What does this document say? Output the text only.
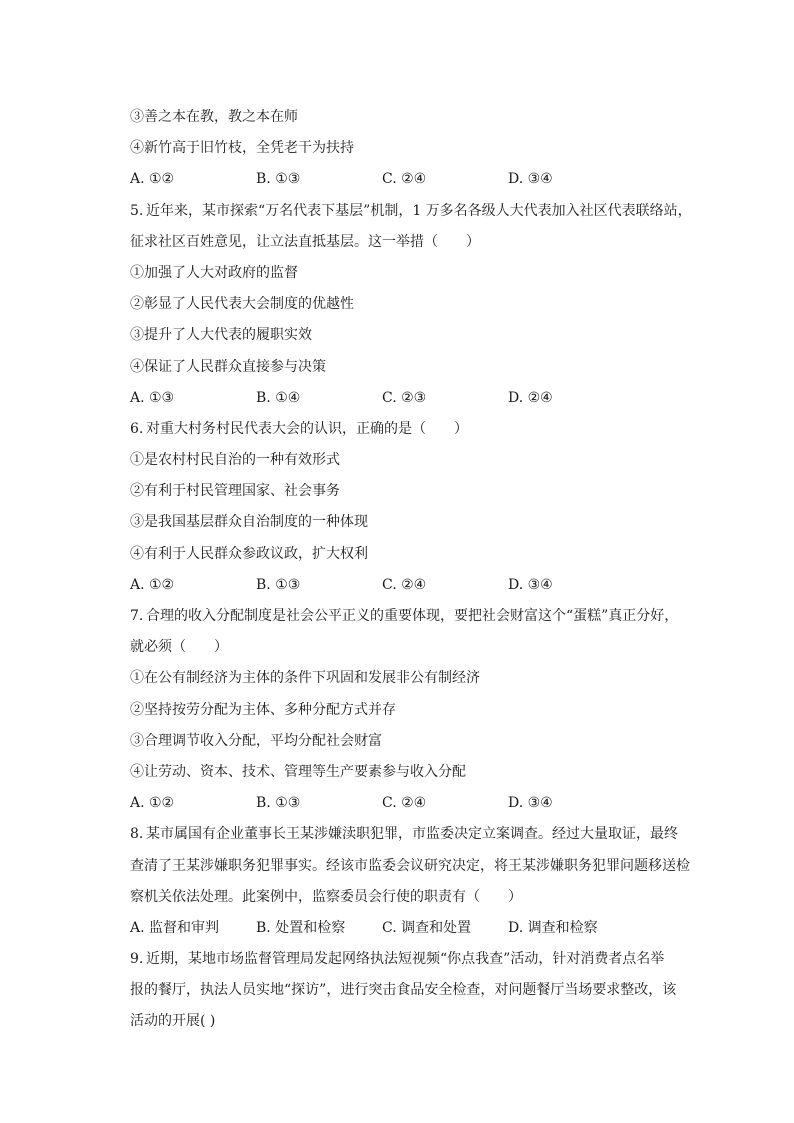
③善之本在教，教之本在师
④新竹高于旧竹枝，全凭老干为扶持
A. ①②	B. ①③	C. ②④	D. ③④
5. 近年来，某市探索“万名代表下基层”机制，1 万多名各级人大代表加入社区代表联络站，
征求社区百姓意见，让立法直抵基层。这一举措（　　）
①加强了人大对政府的监督
②彰显了人民代表大会制度的优越性
③提升了人大代表的履职实效
④保证了人民群众直接参与决策
A. ①③	B. ①④	C. ②③	D. ②④
6. 对重大村务村民代表大会的认识，正确的是（　　）
①是农村村民自治的一种有效形式
②有利于村民管理国家、社会事务
③是我国基层群众自治制度的一种体现
④有利于人民群众参政议政，扩大权利
A. ①②	B. ①③	C. ②④	D. ③④
7. 合理的收入分配制度是社会公平正义的重要体现，要把社会财富这个“蛋糕”真正分好，
就必须（　　）
①在公有制经济为主体的条件下巩固和发展非公有制经济
②坚持按劳分配为主体、多种分配方式并存
③合理调节收入分配，平均分配社会财富
④让劳动、资本、技术、管理等生产要素参与收入分配
A. ①②	B. ①③	C. ②④	D. ③④
8. 某市属国有企业董事长王某涉嫌渎职犯罪，市监委决定立案调查。经过大量取证，最终
查清了王某涉嫌职务犯罪事实。经该市监委会议研究决定，将王某涉嫌职务犯罪问题移送检
察机关依法处理。此案例中，监察委员会行使的职责有（　　）
A. 监督和审判	B. 处置和检察	C. 调查和处置	D. 调查和检察
9. 近期，某地市场监督管理局发起网络执法短视频“你点我查”活动，针对消费者点名举
报的餐厅，执法人员实地“探访”，进行突击食品安全检查，对问题餐厅当场要求整改，该
活动的开展( )
